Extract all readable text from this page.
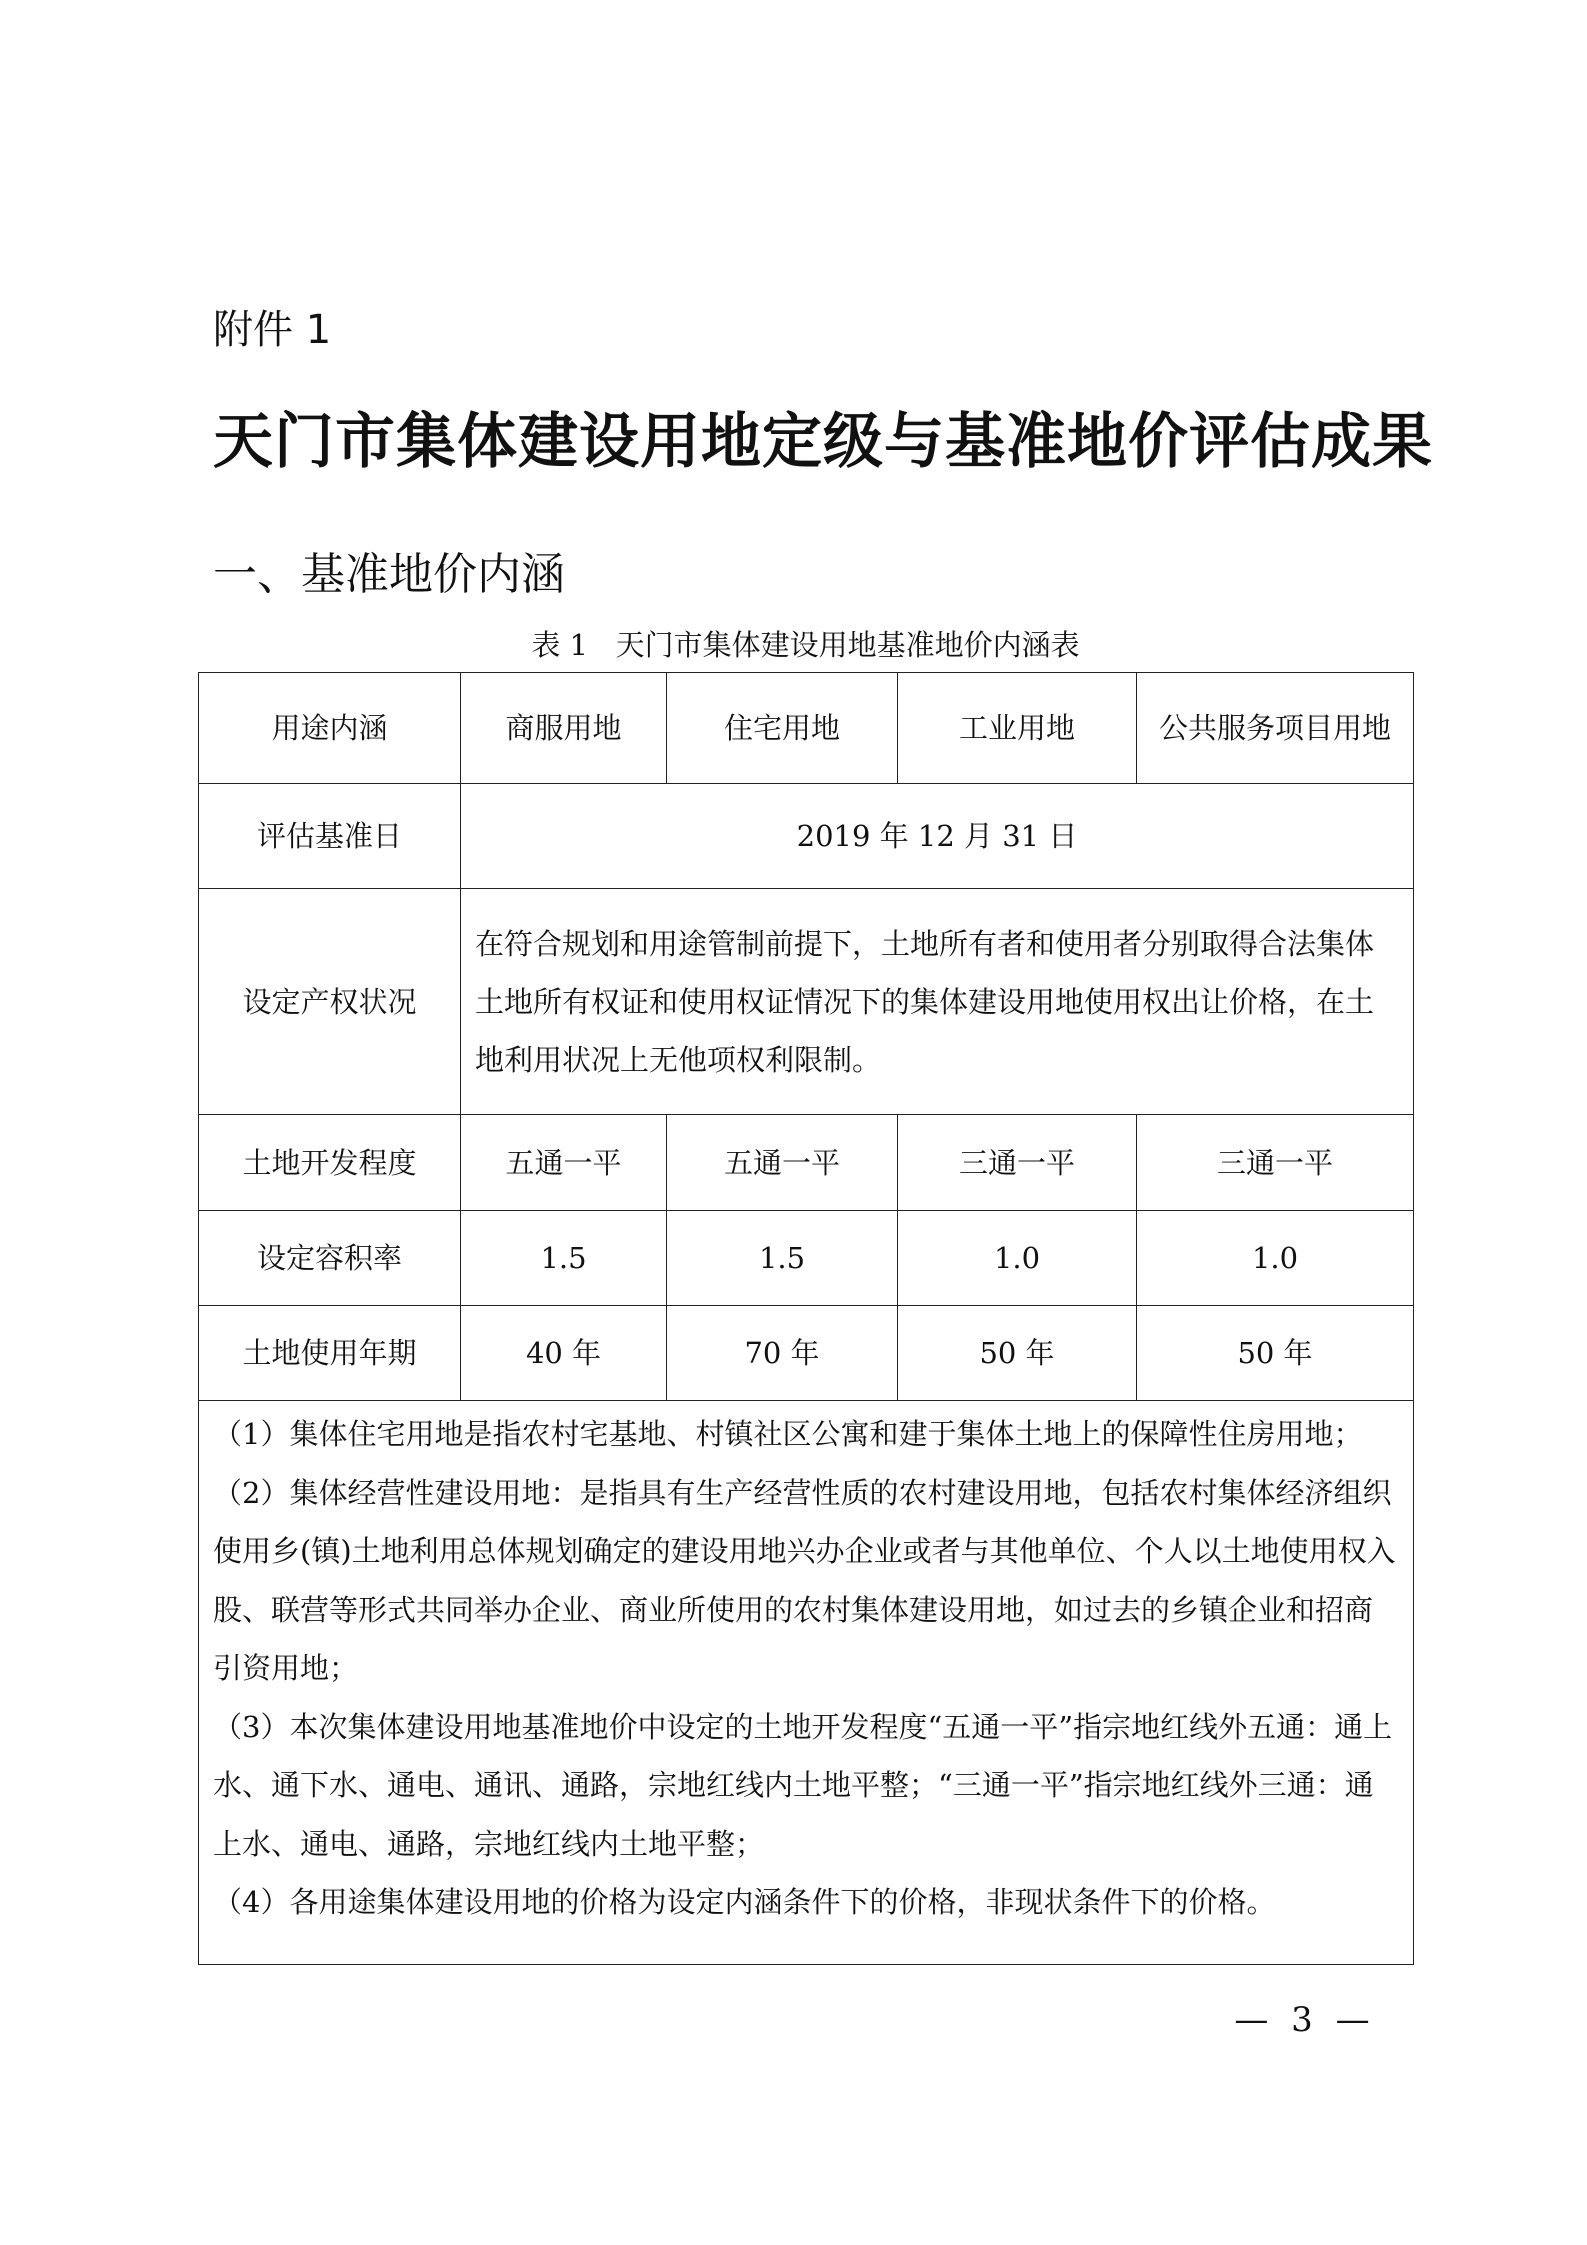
附件 1
天门市集体建设用地定级与基准地价评估成果
一、基准地价内涵
表 1   天门市集体建设用地基准地价内涵表
用途内涵	商服用地	住宅用地	工业用地	公共服务项目用地
评估基准日	2019 年 12 月 31 日			
设定产权状况	在符合规划和用途管制前提下，土地所有者和使用者分别取得合法集体土地所有权证和使用权证情况下的集体建设用地使用权出让价格，在土地利用状况上无他项权利限制。			
土地开发程度	五通一平	五通一平	三通一平	三通一平
设定容积率	1.5	1.5	1.0	1.0
土地使用年期	40 年	70 年	50 年	50 年

（1）集体住宅用地是指农村宅基地、村镇社区公寓和建于集体土地上的保障性住房用地；
（2）集体经营性建设用地：是指具有生产经营性质的农村建设用地，包括农村集体经济组织使用乡(镇)土地利用总体规划确定的建设用地兴办企业或者与其他单位、个人以土地使用权入股、联营等形式共同举办企业、商业所使用的农村集体建设用地，如过去的乡镇企业和招商引资用地；
（3）本次集体建设用地基准地价中设定的土地开发程度“五通一平”指宗地红线外五通：通上水、通下水、通电、通讯、通路，宗地红线内土地平整；“三通一平”指宗地红线外三通：通上水、通电、通路，宗地红线内土地平整；
（4）各用途集体建设用地的价格为设定内涵条件下的价格，非现状条件下的价格。				
— 3 —
